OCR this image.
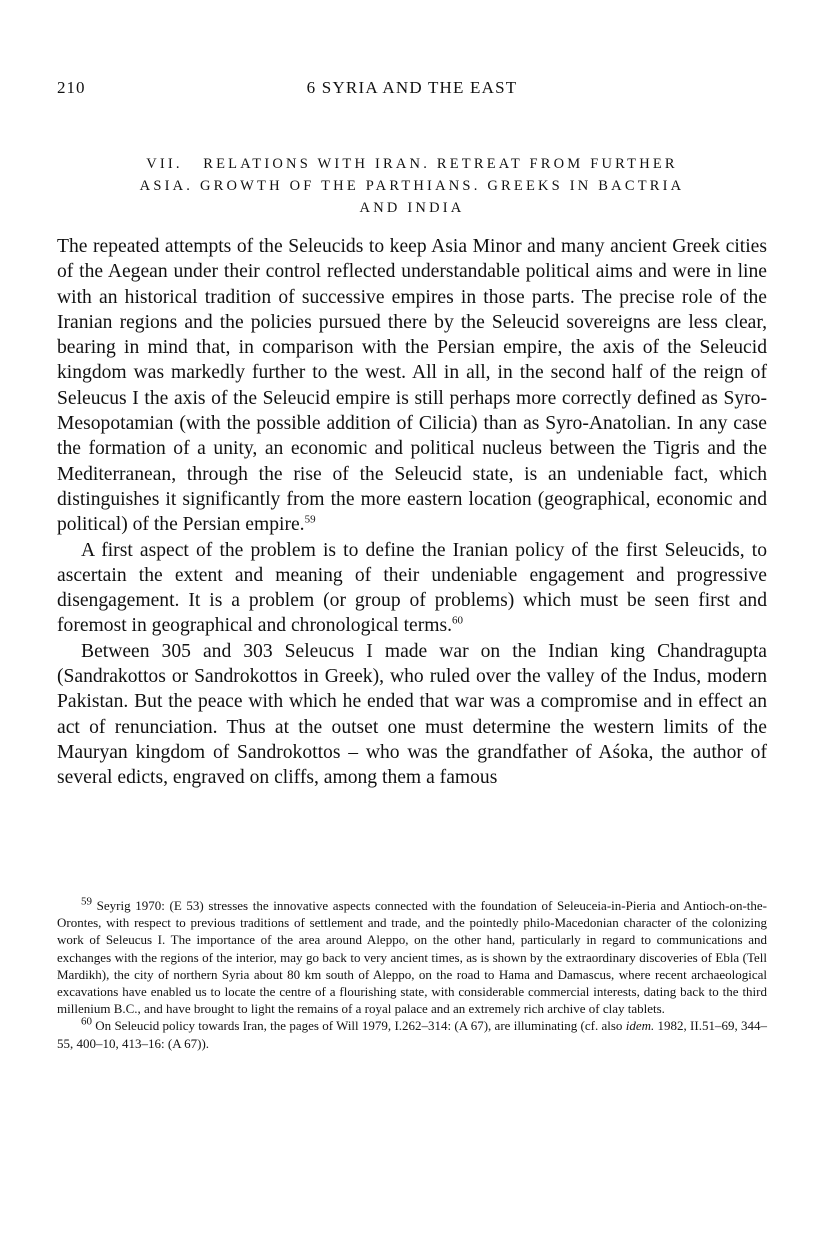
210	6 SYRIA AND THE EAST
VII.   RELATIONS WITH IRAN. RETREAT FROM FURTHER
ASIA. GROWTH OF THE PARTHIANS. GREEKS IN BACTRIA
AND INDIA

The repeated attempts of the Seleucids to keep Asia Minor and many ancient Greek cities of the Aegean under their control reflected understandable political aims and were in line with an historical tradition of successive empires in those parts. The precise role of the Iranian regions and the policies pursued there by the Seleucid sovereigns are less clear, bearing in mind that, in comparison with the Persian empire, the axis of the Seleucid kingdom was markedly further to the west. All in all, in the second half of the reign of Seleucus I the axis of the Seleucid empire is still perhaps more correctly defined as Syro-Mesopotamian (with the possible addition of Cilicia) than as Syro-Anatolian. In any case the formation of a unity, an economic and political nucleus between the Tigris and the Mediterranean, through the rise of the Seleucid state, is an undeniable fact, which distinguishes it significantly from the more eastern location (geographical, economic and political) of the Persian empire.$^{59}$

A first aspect of the problem is to define the Iranian policy of the first Seleucids, to ascertain the extent and meaning of their undeniable engagement and progressive disengagement. It is a problem (or group of problems) which must be seen first and foremost in geographical and chronological terms.$^{60}$

Between 305 and 303 Seleucus I made war on the Indian king Chandragupta (Sandrakottos or Sandrokottos in Greek), who ruled over the valley of the Indus, modern Pakistan. But the peace with which he ended that war was a compromise and in effect an act of renunciation. Thus at the outset one must determine the western limits of the Mauryan kingdom of Sandrokottos – who was the grandfather of Aśoka, the author of several edicts, engraved on cliffs, among them a famous

$^{59}$ Seyrig 1970: (E 53) stresses the innovative aspects connected with the foundation of Seleuceia-in-Pieria and Antioch-on-the-Orontes, with respect to previous traditions of settlement and trade, and the pointedly philo-Macedonian character of the colonizing work of Seleucus I. The importance of the area around Aleppo, on the other hand, particularly in regard to communications and exchanges with the regions of the interior, may go back to very ancient times, as is shown by the extraordinary discoveries of Ebla (Tell Mardikh), the city of northern Syria about 80 km south of Aleppo, on the road to Hama and Damascus, where recent archaeological excavations have enabled us to locate the centre of a flourishing state, with considerable commercial interests, dating back to the third millenium B.C., and have brought to light the remains of a royal palace and an extremely rich archive of clay tablets.

$^{60}$ On Seleucid policy towards Iran, the pages of Will 1979, I.262–314: (A 67), are illuminating (cf. also idem. 1982, II.51–69, 344–55, 400–10, 413–16: (A 67)).
